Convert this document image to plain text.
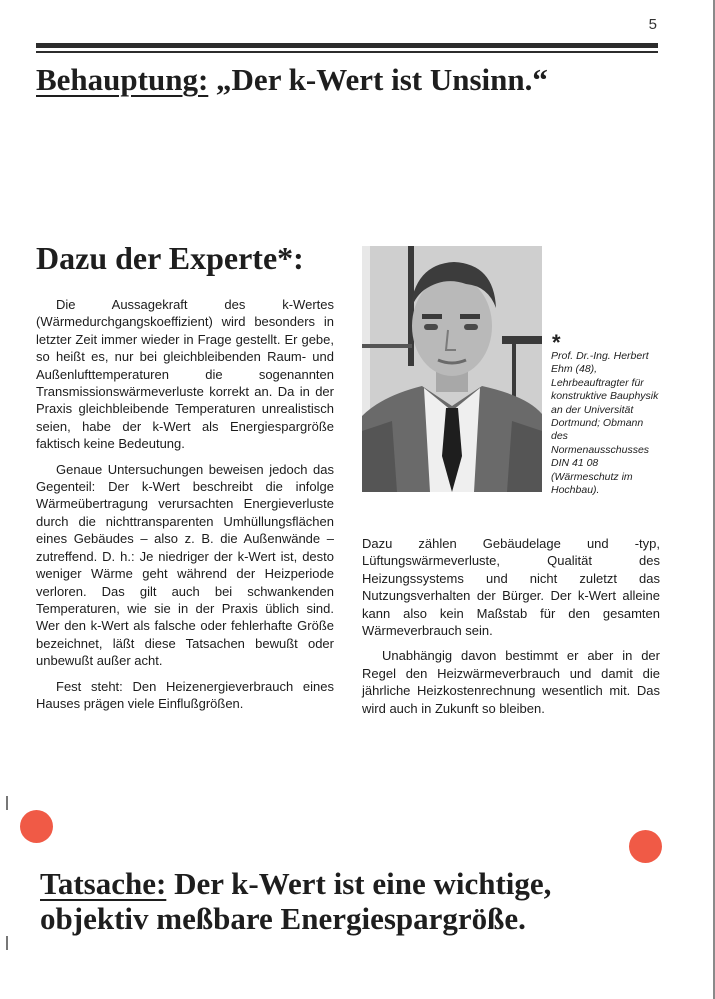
5
Behauptung: „Der k-Wert ist Unsinn.“
Dazu der Experte*:

Die Aussagekraft des k-Wertes (Wärmedurchgangskoeffizient) wird besonders in letzter Zeit immer wieder in Frage gestellt. Er gebe, so heißt es, nur bei gleichbleibenden Raum- und Außenlufttemperaturen die sogenannten Transmissionswärmeverluste korrekt an. Da in der Praxis gleichbleibende Temperaturen unrealistisch seien, habe der k-Wert als Energiespargröße faktisch keine Bedeutung.

Genaue Untersuchungen beweisen jedoch das Gegenteil: Der k-Wert beschreibt die infolge Wärmeübertragung verursachten Energieverluste durch die nichttransparenten Umhüllungsflächen eines Gebäudes – also z. B. die Außenwände – zutreffend. D. h.: Je niedriger der k-Wert ist, desto weniger Wärme geht während der Heizperiode verloren. Das gilt auch bei schwankenden Temperaturen, wie sie in der Praxis üblich sind. Wer den k-Wert als falsche oder fehlerhafte Größe bezeichnet, läßt diese Tatsachen bewußt oder unbewußt außer acht.

Fest steht: Den Heizenergieverbrauch eines Hauses prägen viele Einflußgrößen.

*
Prof. Dr.-Ing. Herbert Ehm (48), Lehrbeauftragter für konstruktive Bauphysik an der Universität Dortmund; Obmann des Normenausschusses DIN 41 08 (Wärmeschutz im Hochbau).

Dazu zählen Gebäudelage und -typ, Lüftungswärmeverluste, Qualität des Heizungssystems und nicht zuletzt das Nutzungsverhalten der Bürger. Der k-Wert alleine kann also kein Maßstab für den gesamten Wärmeverbrauch sein.

Unabhängig davon bestimmt er aber in der Regel den Heizwärmeverbrauch und damit die jährliche Heizkostenrechnung wesentlich mit. Das wird auch in Zukunft so bleiben.

Tatsache: Der k-Wert ist eine wichtige,
objektiv meßbare Energiespargröße.
